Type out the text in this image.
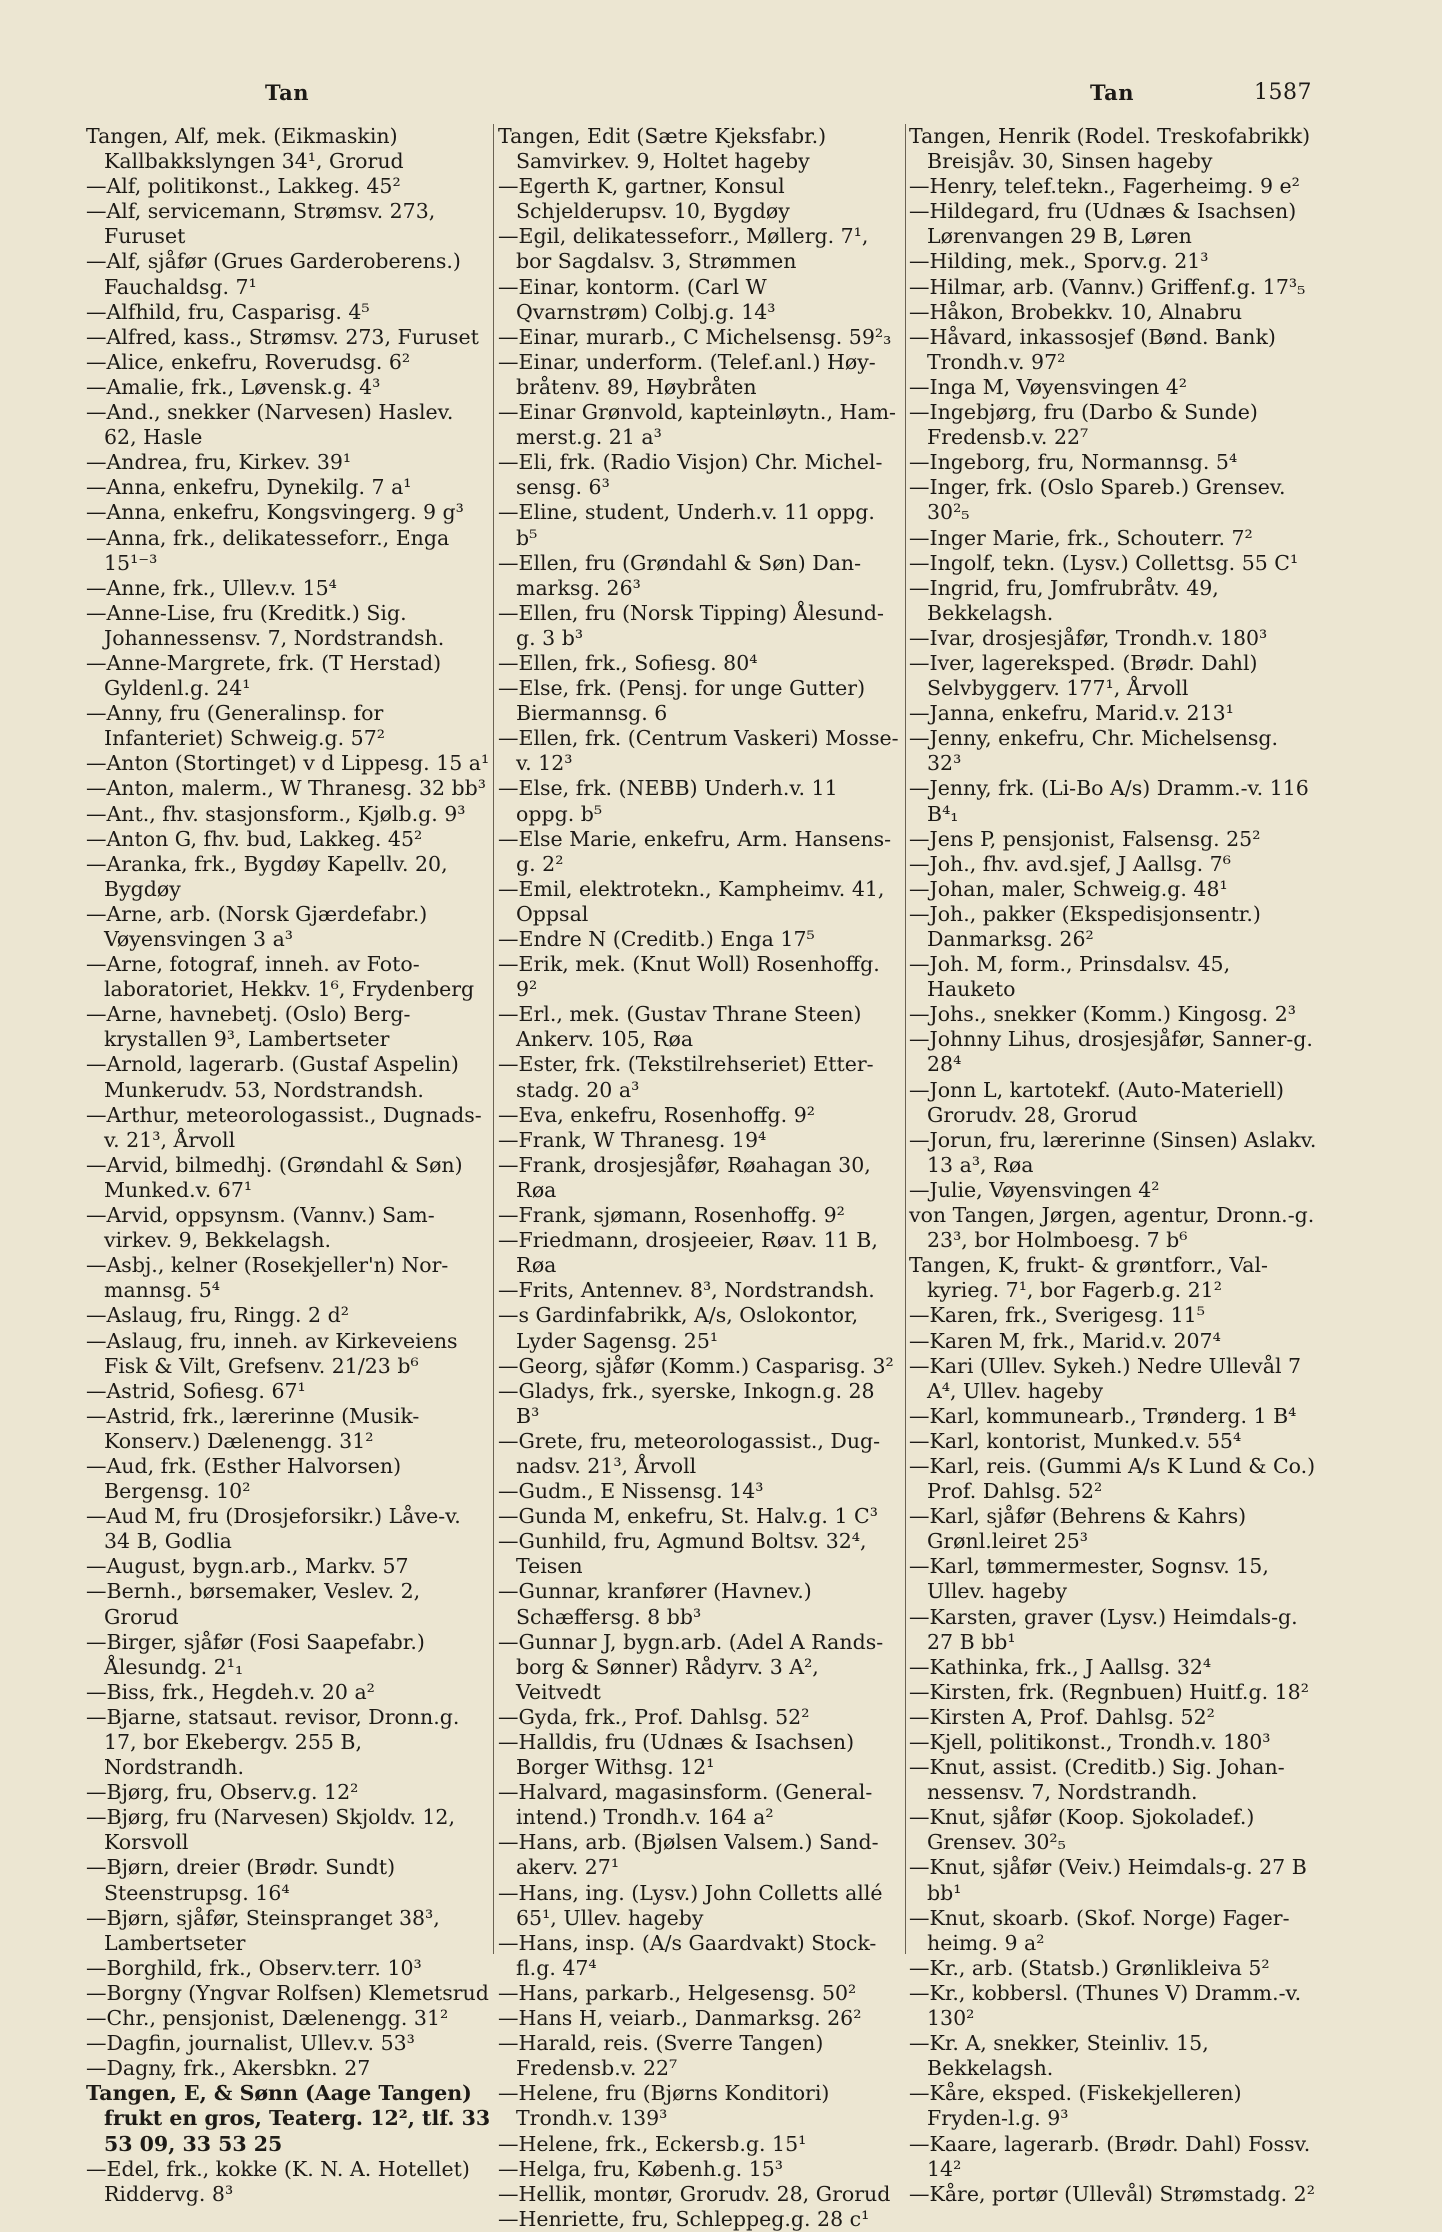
Tan	Tan	1587
Tangen, Alf, mek. (Eikmaskin) Kallbakkslyngen 34¹, Grorud
—Alf, politikonst., Lakkeg. 45²
—Alf, servicemann, Strømsv. 273, Furuset
—Alf, sjåfør (Grues Garderoberens.) Fauchaldsg. 7¹
—Alfhild, fru, Casparisg. 4⁵
—Alfred, kass., Strømsv. 273, Furuset
—Alice, enkefru, Roverudsg. 6²
—Amalie, frk., Løvensk.g. 4³
—And., snekker (Narvesen) Haslev. 62, Hasle
—Andrea, fru, Kirkev. 39¹
—Anna, enkefru, Dynekilg. 7 a¹
—Anna, enkefru, Kongsvingerg. 9 g³
—Anna, frk., delikatesseforr., Enga 15¹⁻³
—Anne, frk., Ullev.v. 15⁴
—Anne-Lise, fru (Kreditk.) Sig. Johannessensv. 7, Nordstrandsh.
—Anne-Margrete, frk. (T Herstad) Gyldenl.g. 24¹
—Anny, fru (Generalinsp. for Infanteriet) Schweig.g. 57²
—Anton (Stortinget) v d Lippesg. 15 a¹
—Anton, malerm., W Thranesg. 32 bb³
—Ant., fhv. stasjonsform., Kjølb.g. 9³
—Anton G, fhv. bud, Lakkeg. 45²
—Aranka, frk., Bygdøy Kapellv. 20, Bygdøy
—Arne, arb. (Norsk Gjærdefabr.) Vøyensvingen 3 a³
—Arne, fotograf, inneh. av Foto-laboratoriet, Hekkv. 1⁶, Frydenberg
—Arne, havnebetj. (Oslo) Berg-krystallen 9³, Lambertseter
—Arnold, lagerarb. (Gustaf Aspelin) Munkerudv. 53, Nordstrandsh.
—Arthur, meteorologassist., Dugnads-v. 21³, Årvoll
—Arvid, bilmedhj. (Grøndahl & Søn) Munked.v. 67¹
—Arvid, oppsynsm. (Vannv.) Sam-virkev. 9, Bekkelagsh.
—Asbj., kelner (Rosekjeller'n) Nor-mannsg. 5⁴
—Aslaug, fru, Ringg. 2 d²
—Aslaug, fru, inneh. av Kirkeveiens Fisk & Vilt, Grefsenv. 21/23 b⁶
—Astrid, Sofiesg. 67¹
—Astrid, frk., lærerinne (Musik-Konserv.) Dælenengg. 31²
—Aud, frk. (Esther Halvorsen) Bergensg. 10²
—Aud M, fru (Drosjeforsikr.) Låve-v. 34 B, Godlia
—August, bygn.arb., Markv. 57
—Bernh., børsemaker, Veslev. 2, Grorud
—Birger, sjåfør (Fosi Saapefabr.) Ålesundg. 2¹₁
—Biss, frk., Hegdeh.v. 20 a²
—Bjarne, statsaut. revisor, Dronn.g. 17, bor Ekebergv. 255 B, Nordstrandh.
—Bjørg, fru, Observ.g. 12²
—Bjørg, fru (Narvesen) Skjoldv. 12, Korsvoll
—Bjørn, dreier (Brødr. Sundt) Steenstrupsg. 16⁴
—Bjørn, sjåfør, Steinspranget 38³, Lambertseter
—Borghild, frk., Observ.terr. 10³
—Borgny (Yngvar Rolfsen) Klemetsrud
—Chr., pensjonist, Dælenengg. 31²
—Dagfin, journalist, Ullev.v. 53³
—Dagny, frk., Akersbkn. 27
Tangen, E, & Sønn (Aage Tangen) frukt en gros, Teaterg. 12², tlf. 33 53 09, 33 53 25
—Edel, frk., kokke (K. N. A. Hotellet) Riddervg. 8³
Tangen, Edit (Sætre Kjeksfabr.) Samvirkev. 9, Holtet hageby
—Egerth K, gartner, Konsul Schjelderupsv. 10, Bygdøy
—Egil, delikatesseforr., Møllerg. 7¹, bor Sagdalsv. 3, Strømmen
—Einar, kontorm. (Carl W Qvarnstrøm) Colbj.g. 14³
—Einar, murarb., C Michelsensg. 59²₃
—Einar, underform. (Telef.anl.) Høy-bråtenv. 89, Høybråten
—Einar Grønvold, kapteinløytn., Ham-merst.g. 21 a³
—Eli, frk. (Radio Visjon) Chr. Michel-sensg. 6³
—Eline, student, Underh.v. 11 oppg. b⁵
—Ellen, fru (Grøndahl & Søn) Dan-marksg. 26³
—Ellen, fru (Norsk Tipping) Ålesund-g. 3 b³
—Ellen, frk., Sofiesg. 80⁴
—Else, frk. (Pensj. for unge Gutter) Biermannsg. 6
—Ellen, frk. (Centrum Vaskeri) Mosse-v. 12³
—Else, frk. (NEBB) Underh.v. 11 oppg. b⁵
—Else Marie, enkefru, Arm. Hansens-g. 2²
—Emil, elektrotekn., Kampheimv. 41, Oppsal
—Endre N (Creditb.) Enga 17⁵
—Erik, mek. (Knut Woll) Rosenhoffg. 9²
—Erl., mek. (Gustav Thrane Steen) Ankerv. 105, Røa
—Ester, frk. (Tekstilrehseriet) Etter-stadg. 20 a³
—Eva, enkefru, Rosenhoffg. 9²
—Frank, W Thranesg. 19⁴
—Frank, drosjesjåfør, Røahagan 30, Røa
—Frank, sjømann, Rosenhoffg. 9²
—Friedmann, drosjeeier, Røav. 11 B, Røa
—Frits, Antennev. 8³, Nordstrandsh.
—s Gardinfabrikk, A/s, Oslokontor, Lyder Sagensg. 25¹
—Georg, sjåfør (Komm.) Casparisg. 3²
—Gladys, frk., syerske, Inkogn.g. 28 B³
—Grete, fru, meteorologassist., Dug-nadsv. 21³, Årvoll
—Gudm., E Nissensg. 14³
—Gunda M, enkefru, St. Halv.g. 1 C³
—Gunhild, fru, Agmund Boltsv. 32⁴, Teisen
—Gunnar, kranfører (Havnev.) Schæffersg. 8 bb³
—Gunnar J, bygn.arb. (Adel A Rands-borg & Sønner) Rådyrv. 3 A², Veitvedt
—Gyda, frk., Prof. Dahlsg. 52²
—Halldis, fru (Udnæs & Isachsen) Borger Withsg. 12¹
—Halvard, magasinsform. (General-intend.) Trondh.v. 164 a²
—Hans, arb. (Bjølsen Valsem.) Sand-akerv. 27¹
—Hans, ing. (Lysv.) John Colletts allé 65¹, Ullev. hageby
—Hans, insp. (A/s Gaardvakt) Stock-fl.g. 47⁴
—Hans, parkarb., Helgesensg. 50²
—Hans H, veiarb., Danmarksg. 26²
—Harald, reis. (Sverre Tangen) Fredensb.v. 22⁷
—Helene, fru (Bjørns Konditori) Trondh.v. 139³
—Helene, frk., Eckersb.g. 15¹
—Helga, fru, Københ.g. 15³
—Hellik, montør, Grorudv. 28, Grorud
—Henriette, fru, Schleppeg.g. 28 c¹
Tangen, Henrik (Rodel. Treskofabrikk) Breisjåv. 30, Sinsen hageby
—Henry, telef.tekn., Fagerheimg. 9 e²
—Hildegard, fru (Udnæs & Isachsen) Lørenvangen 29 B, Løren
—Hilding, mek., Sporv.g. 21³
—Hilmar, arb. (Vannv.) Griffenf.g. 17³₅
—Håkon, Brobekkv. 10, Alnabru
—Håvard, inkassosjef (Bønd. Bank) Trondh.v. 97²
—Inga M, Vøyensvingen 4²
—Ingebjørg, fru (Darbo & Sunde) Fredensb.v. 22⁷
—Ingeborg, fru, Normannsg. 5⁴
—Inger, frk. (Oslo Spareb.) Grensev. 30²₅
—Inger Marie, frk., Schouterr. 7²
—Ingolf, tekn. (Lysv.) Collettsg. 55 C¹
—Ingrid, fru, Jomfrubråtv. 49, Bekkelagsh.
—Ivar, drosjesjåfør, Trondh.v. 180³
—Iver, lagereksped. (Brødr. Dahl) Selvbyggerv. 177¹, Årvoll
—Janna, enkefru, Marid.v. 213¹
—Jenny, enkefru, Chr. Michelsensg. 32³
—Jenny, frk. (Li-Bo A/s) Dramm.-v. 116 B⁴₁
—Jens P, pensjonist, Falsensg. 25²
—Joh., fhv. avd.sjef, J Aallsg. 7⁶
—Johan, maler, Schweig.g. 48¹
—Joh., pakker (Ekspedisjonsentr.) Danmarksg. 26²
—Joh. M, form., Prinsdalsv. 45, Hauketo
—Johs., snekker (Komm.) Kingosg. 2³
—Johnny Lihus, drosjesjåfør, Sanner-g. 28⁴
—Jonn L, kartotekf. (Auto-Materiell) Grorudv. 28, Grorud
—Jorun, fru, lærerinne (Sinsen) Aslakv. 13 a³, Røa
—Julie, Vøyensvingen 4²
von Tangen, Jørgen, agentur, Dronn.-g. 23³, bor Holmboesg. 7 b⁶
Tangen, K, frukt- & grøntforr., Val-kyrieg. 7¹, bor Fagerb.g. 21²
—Karen, frk., Sverigesg. 11⁵
—Karen M, frk., Marid.v. 207⁴
—Kari (Ullev. Sykeh.) Nedre Ullevål 7 A⁴, Ullev. hageby
—Karl, kommunearb., Trønderg. 1 B⁴
—Karl, kontorist, Munked.v. 55⁴
—Karl, reis. (Gummi A/s K Lund & Co.) Prof. Dahlsg. 52²
—Karl, sjåfør (Behrens & Kahrs) Grønl.leiret 25³
—Karl, tømmermester, Sognsv. 15, Ullev. hageby
—Karsten, graver (Lysv.) Heimdals-g. 27 B bb¹
—Kathinka, frk., J Aallsg. 32⁴
—Kirsten, frk. (Regnbuen) Huitf.g. 18²
—Kirsten A, Prof. Dahlsg. 52²
—Kjell, politikonst., Trondh.v. 180³
—Knut, assist. (Creditb.) Sig. Johan-nessensv. 7, Nordstrandh.
—Knut, sjåfør (Koop. Sjokoladef.) Grensev. 30²₅
—Knut, sjåfør (Veiv.) Heimdals-g. 27 B bb¹
—Knut, skoarb. (Skof. Norge) Fager-heimg. 9 a²
—Kr., arb. (Statsb.) Grønlikleiva 5²
—Kr., kobbersl. (Thunes V) Dramm.-v. 130²
—Kr. A, snekker, Steinliv. 15, Bekkelagsh.
—Kåre, eksped. (Fiskekjelleren) Fryden-l.g. 9³
—Kaare, lagerarb. (Brødr. Dahl) Fossv. 14²
—Kåre, portør (Ullevål) Strømstadg. 2²
